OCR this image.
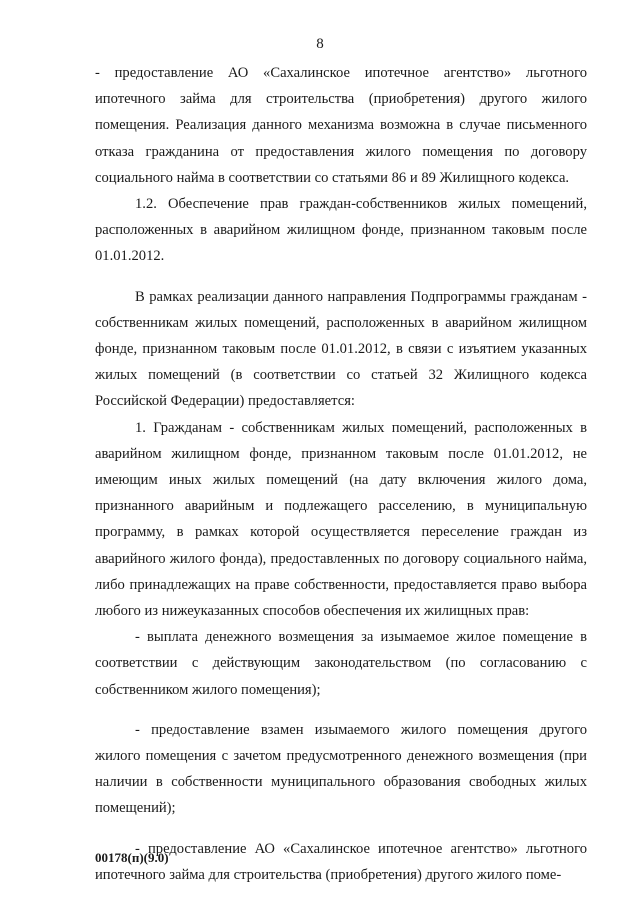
8

- предоставление АО «Сахалинское ипотечное агентство» льготного ипотечного займа для строительства (приобретения) другого жилого помещения. Реализация данного механизма возможна в случае письменного отказа гражданина от предоставления жилого помещения по договору социального найма в соответствии со статьями 86 и 89 Жилищного кодекса.

1.2. Обеспечение прав граждан-собственников жилых помещений, расположенных в аварийном жилищном фонде, признанном таковым после 01.01.2012.

В рамках реализации данного направления Подпрограммы гражданам - собственникам жилых помещений, расположенных в аварийном жилищном фонде, признанном таковым после 01.01.2012, в связи с изъятием указанных жилых помещений (в соответствии со статьей 32 Жилищного кодекса Российской Федерации) предоставляется:

1. Гражданам - собственникам жилых помещений, расположенных в аварийном жилищном фонде, признанном таковым после 01.01.2012, не имеющим иных жилых помещений (на дату включения жилого дома, признанного аварийным и подлежащего расселению, в муниципальную программу, в рамках которой осуществляется переселение граждан из аварийного жилого фонда), предоставленных по договору социального найма, либо принадлежащих на праве собственности, предоставляется право выбора любого из нижеуказанных способов обеспечения их жилищных прав:

- выплата денежного возмещения за изымаемое жилое помещение в соответствии с действующим законодательством (по согласованию с собственником жилого помещения);

- предоставление взамен изымаемого жилого помещения другого жилого помещения с зачетом предусмотренного денежного возмещения (при наличии в собственности муниципального образования свободных жилых помещений);

- предоставление АО «Сахалинское ипотечное агентство» льготного ипотечного займа для строительства (приобретения) другого жилого поме-

00178(п)(9.0)
